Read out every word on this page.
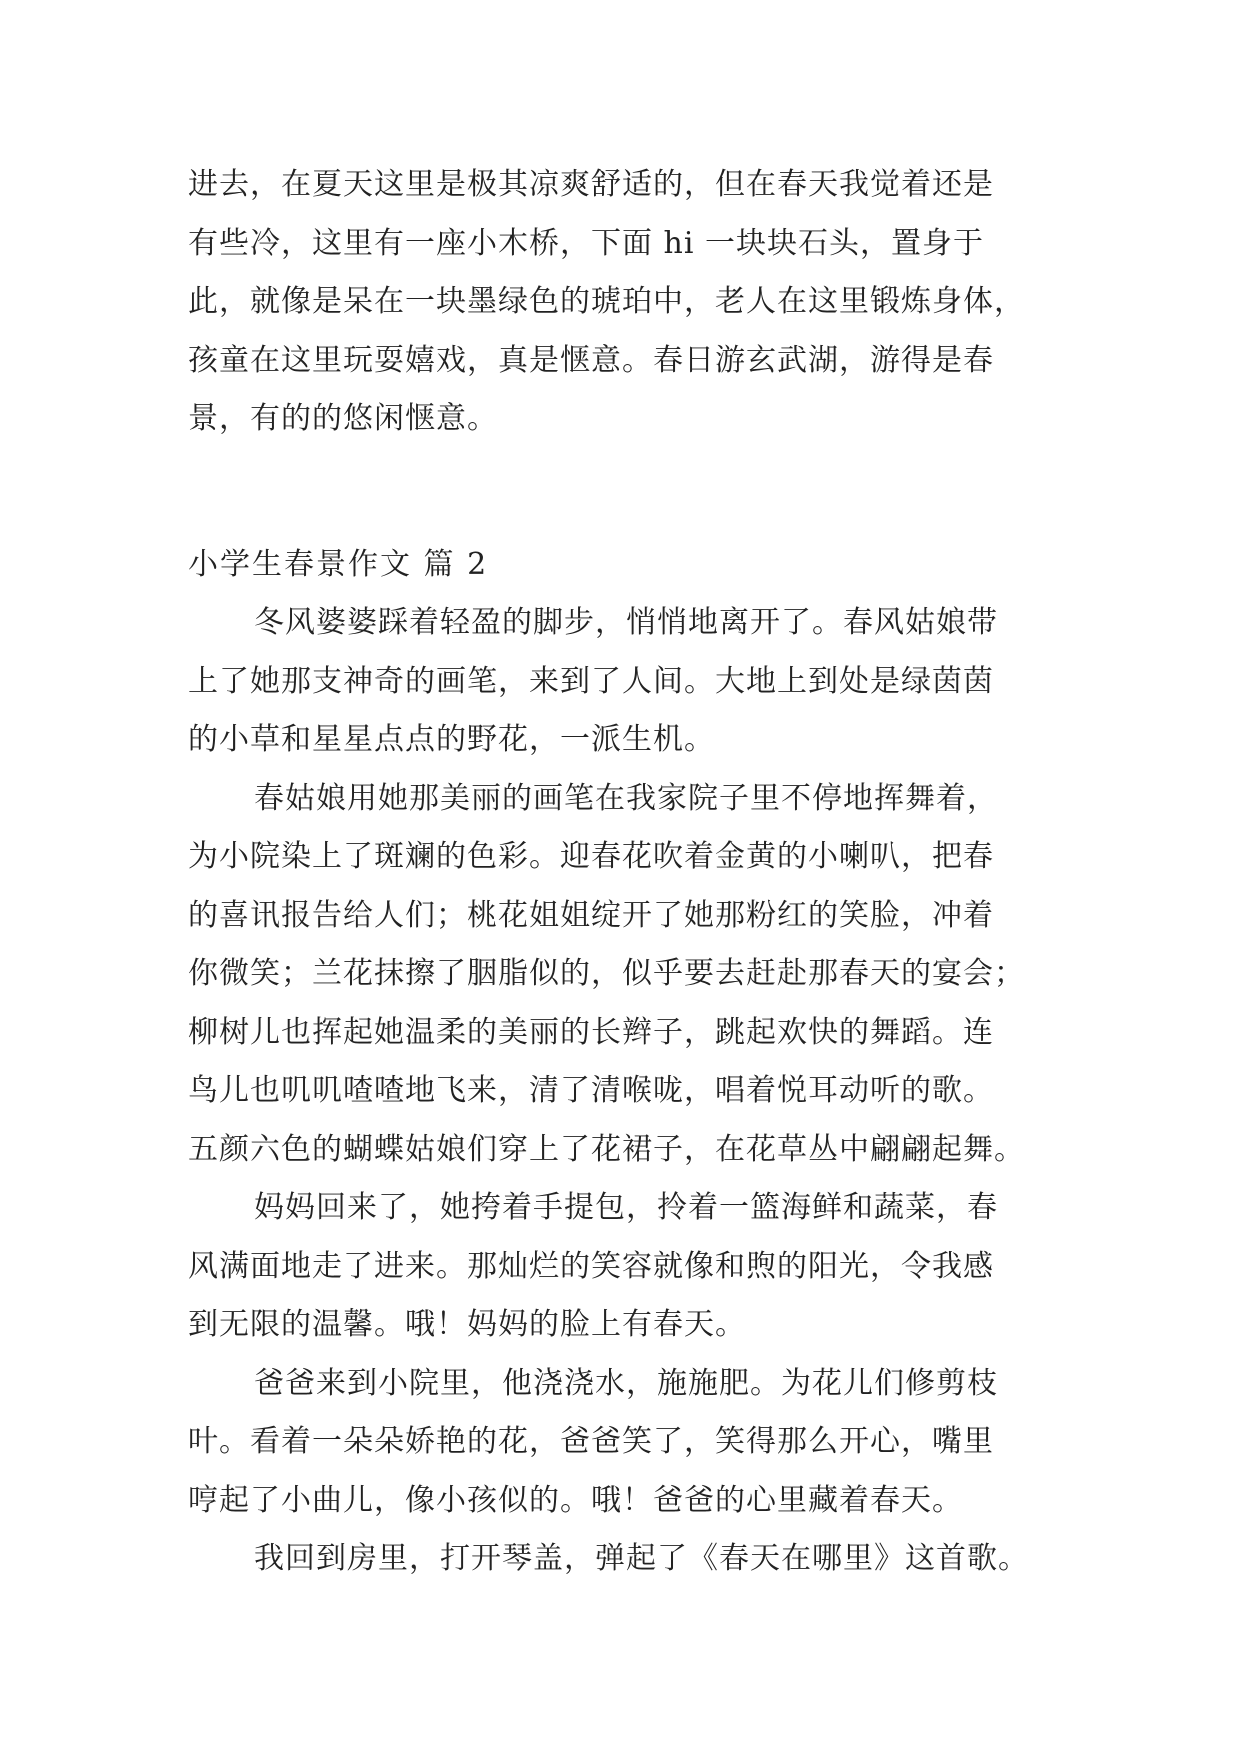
进去，在夏天这里是极其凉爽舒适的，但在春天我觉着还是
有些冷，这里有一座小木桥，下面 hi 一块块石头，置身于
此，就像是呆在一块墨绿色的琥珀中，老人在这里锻炼身体，
孩童在这里玩耍嬉戏，真是惬意。春日游玄武湖，游得是春
景，有的的悠闲惬意。
小学生春景作文 篇 2
冬风婆婆踩着轻盈的脚步，悄悄地离开了。春风姑娘带
上了她那支神奇的画笔，来到了人间。大地上到处是绿茵茵
的小草和星星点点的野花，一派生机。
春姑娘用她那美丽的画笔在我家院子里不停地挥舞着，
为小院染上了斑斓的色彩。迎春花吹着金黄的小喇叭，把春
的喜讯报告给人们；桃花姐姐绽开了她那粉红的笑脸，冲着
你微笑；兰花抹擦了胭脂似的，似乎要去赶赴那春天的宴会；
柳树儿也挥起她温柔的美丽的长辫子，跳起欢快的舞蹈。连
鸟儿也叽叽喳喳地飞来，清了清喉咙，唱着悦耳动听的歌。
五颜六色的蝴蝶姑娘们穿上了花裙子，在花草丛中翩翩起舞。
妈妈回来了，她挎着手提包，拎着一篮海鲜和蔬菜，春
风满面地走了进来。那灿烂的笑容就像和煦的阳光，令我感
到无限的温馨。哦！妈妈的脸上有春天。
爸爸来到小院里，他浇浇水，施施肥。为花儿们修剪枝
叶。看着一朵朵娇艳的花，爸爸笑了，笑得那么开心，嘴里
哼起了小曲儿，像小孩似的。哦！爸爸的心里藏着春天。
我回到房里，打开琴盖，弹起了《春天在哪里》这首歌。
